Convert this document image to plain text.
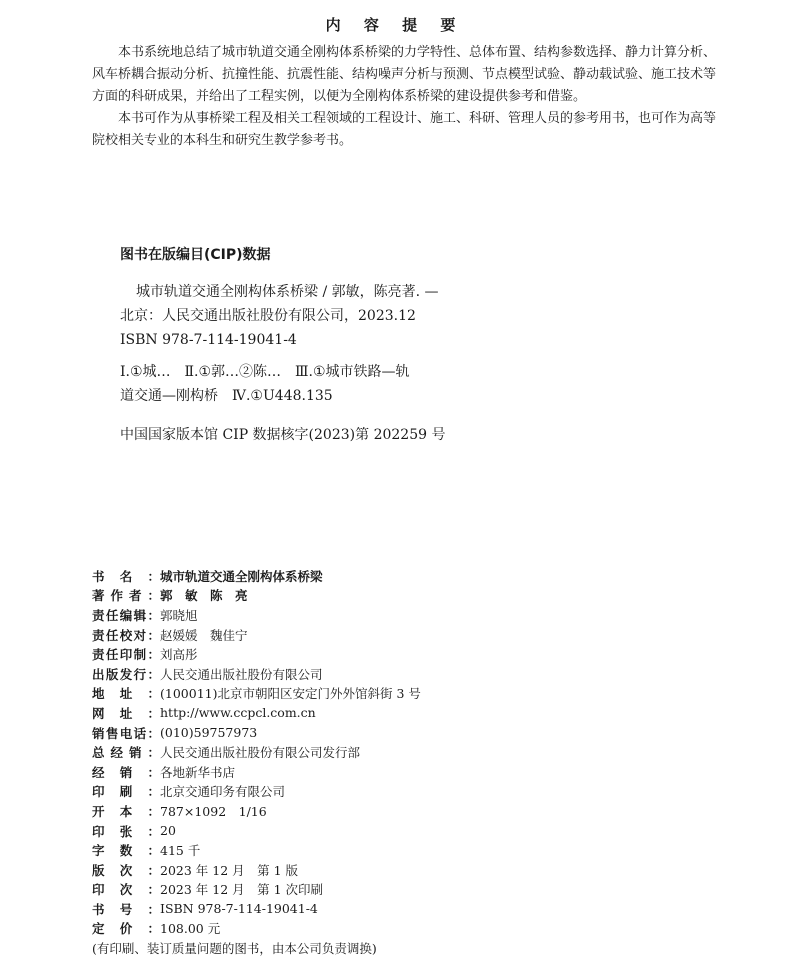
内 容 提 要

本书系统地总结了城市轨道交通全刚构体系桥梁的力学特性、总体布置、结构参数选择、静力计算分析、风车桥耦合振动分析、抗撞性能、抗震性能、结构噪声分析与预测、节点模型试验、静动载试验、施工技术等方面的科研成果，并给出了工程实例，以便为全刚构体系桥梁的建设提供参考和借鉴。

本书可作为从事桥梁工程及相关工程领域的工程设计、施工、科研、管理人员的参考用书，也可作为高等院校相关专业的本科生和研究生教学参考书。

图书在版编目(CIP)数据

城市轨道交通全刚构体系桥梁 / 郭敏，陈亮著. —

北京：人民交通出版社股份有限公司，2023.12

ISBN 978-7-114-19041-4

Ⅰ.①城…　Ⅱ.①郭…②陈…　Ⅲ.①城市铁路—轨

道交通—刚构桥　Ⅳ.①U448.135

中国国家版本馆 CIP 数据核字(2023)第 202259 号

书 名 ： 城市轨道交通全刚构体系桥梁
著 作 者 ： 郭　敏　陈　亮
责 任 编 辑 ： 郭晓旭
责 任 校 对 ： 赵媛媛　魏佳宁
责 任 印 制 ： 刘高彤
出 版 发 行 ： 人民交通出版社股份有限公司
地 址 ： (100011)北京市朝阳区安定门外外馆斜街 3 号
网 址 ： http://www.ccpcl.com.cn
销 售 电 话 ： (010)59757973
总 经 销 ： 人民交通出版社股份有限公司发行部
经 销 ： 各地新华书店
印 刷 ： 北京交通印务有限公司
开 本 ： 787×1092　1/16
印 张 ： 20
字 数 ： 415 千
版 次 ： 2023 年 12 月　第 1 版
印 次 ： 2023 年 12 月　第 1 次印刷
书 号 ： ISBN 978-7-114-19041-4
定 价 ： 108.00 元
(有印刷、装订质量问题的图书，由本公司负责调换)
